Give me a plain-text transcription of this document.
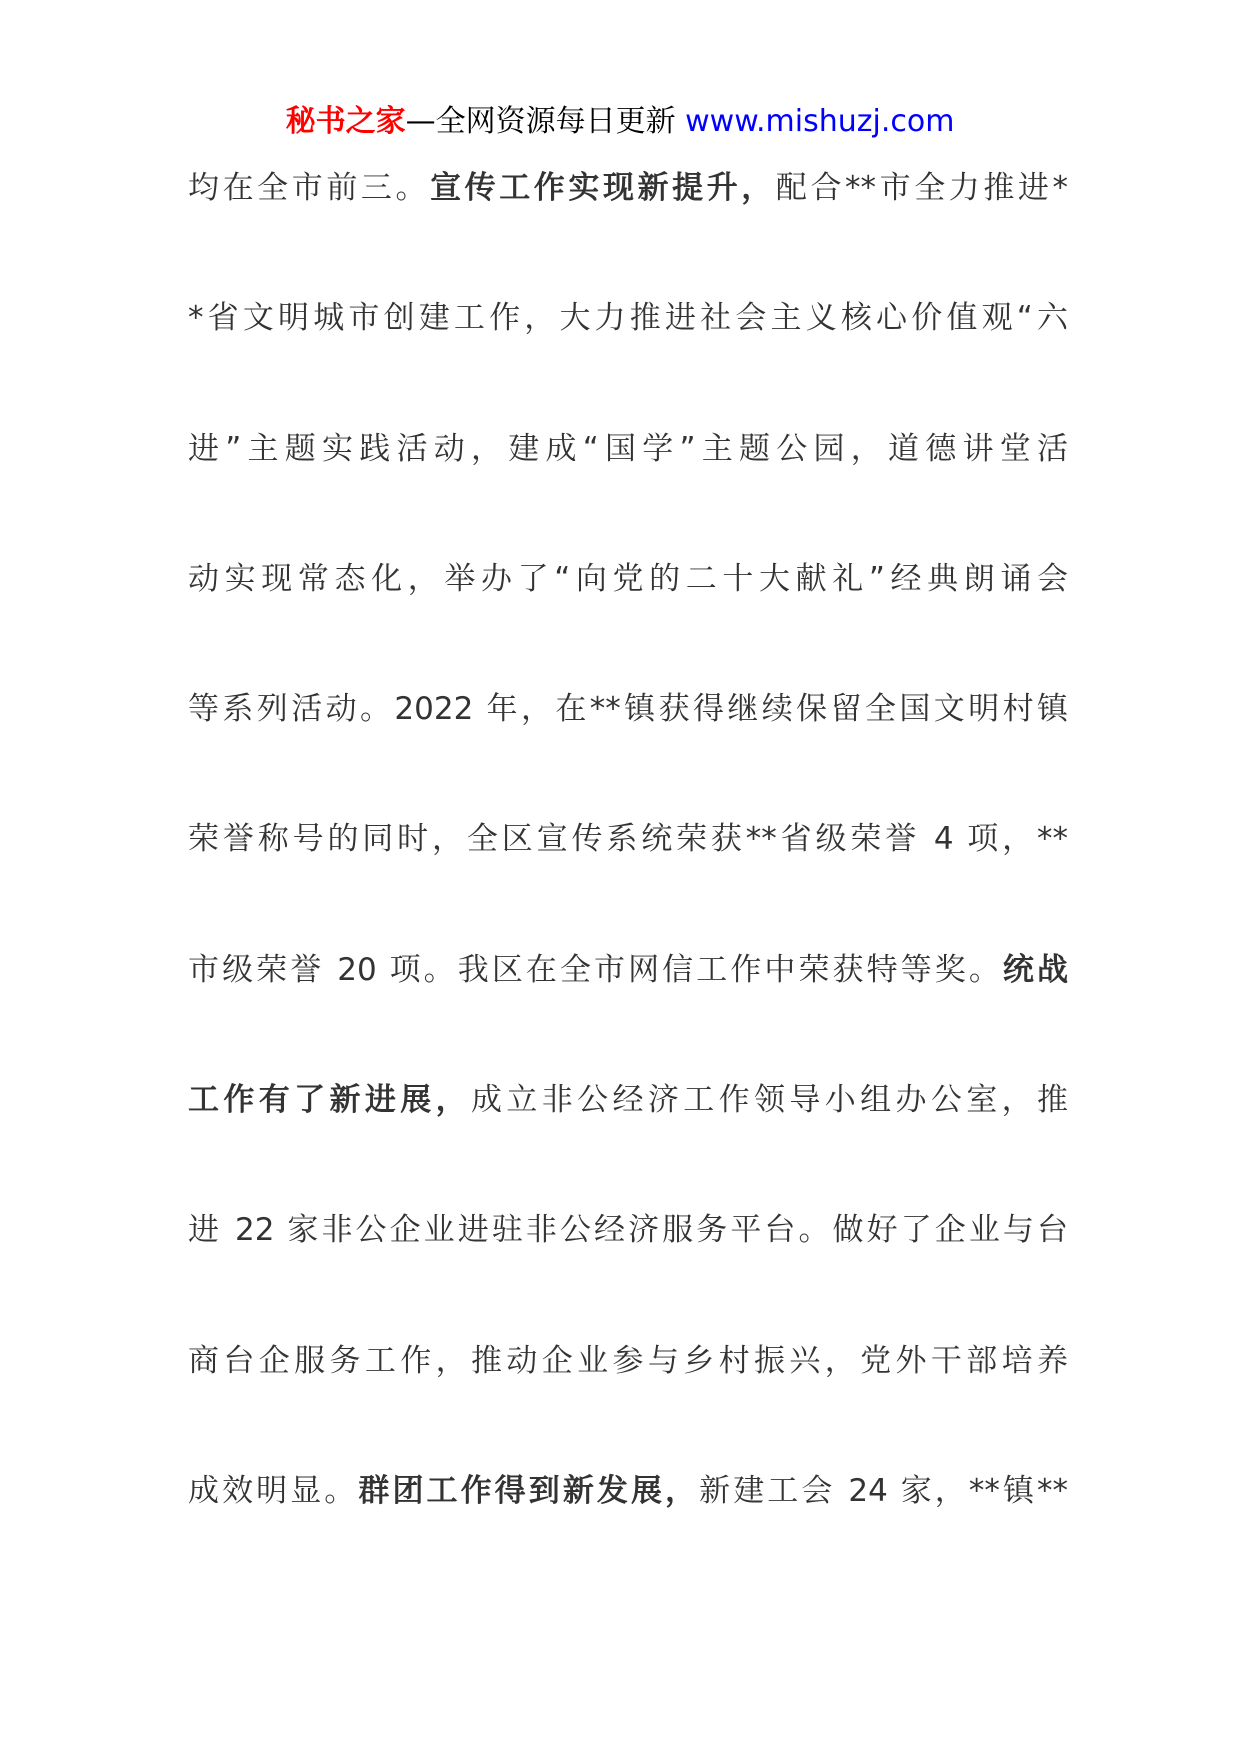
秘书之家—全网资源每日更新 www.mishuzj.com
均在全市前三。宣传工作实现新提升，配合**市全力推进*
*省文明城市创建工作，大力推进社会主义核心价值观“六
进”主题实践活动，建成“国学”主题公园，道德讲堂活
动实现常态化，举办了“向党的二十大献礼”经典朗诵会
等系列活动。2022 年，在**镇获得继续保留全国文明村镇
荣誉称号的同时，全区宣传系统荣获**省级荣誉 4 项，**
市级荣誉 20 项。我区在全市网信工作中荣获特等奖。统战
工作有了新进展，成立非公经济工作领导小组办公室，推
进 22 家非公企业进驻非公经济服务平台。做好了企业与台
商台企服务工作，推动企业参与乡村振兴，党外干部培养
成效明显。群团工作得到新发展，新建工会 24 家，**镇**
